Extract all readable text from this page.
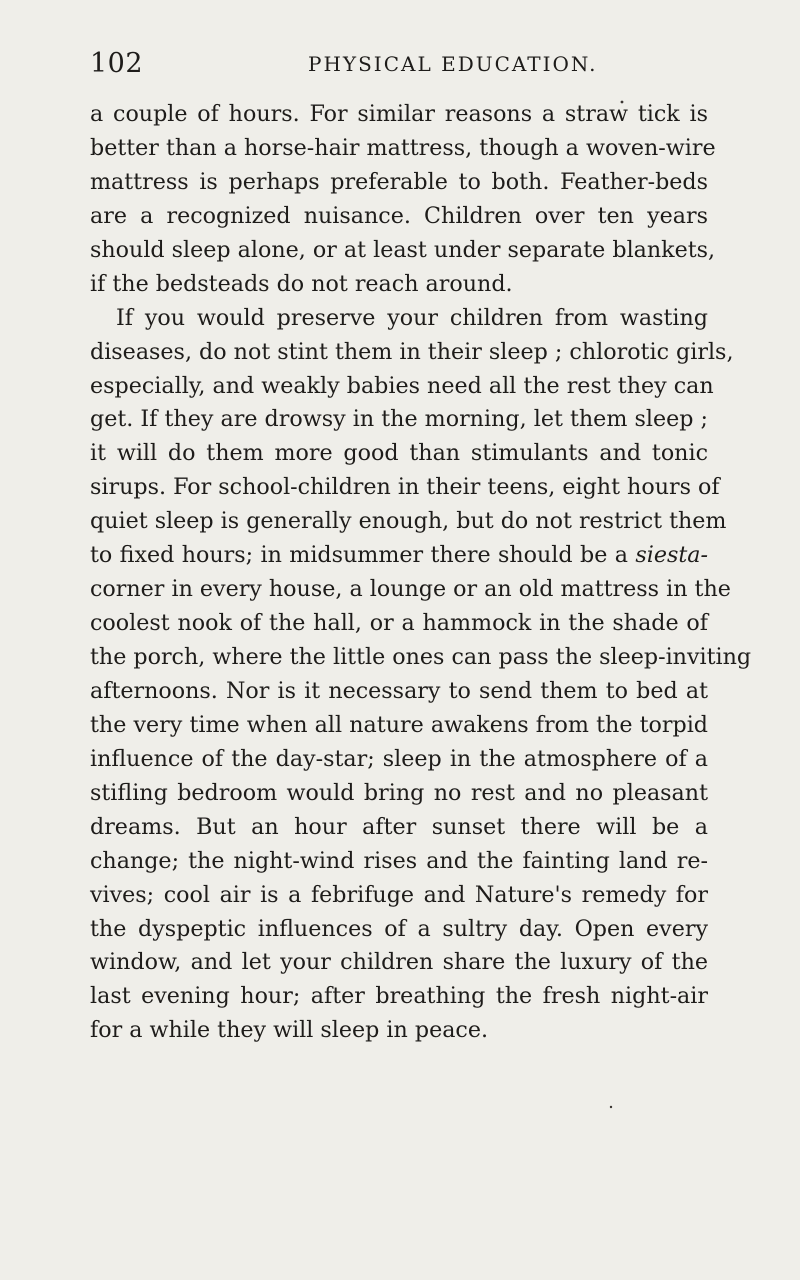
102	PHYSICAL EDUCATION.
a couple of hours. For similar reasons a straw tick is
better than a horse-hair mattress, though a woven-wire
mattress is perhaps preferable to both. Feather-beds
are a recognized nuisance. Children over ten years
should sleep alone, or at least under separate blankets,
if the bedsteads do not reach around.
If you would preserve your children from wasting
diseases, do not stint them in their sleep ; chlorotic girls,
especially, and weakly babies need all the rest they can
get. If they are drowsy in the morning, let them sleep ;
it will do them more good than stimulants and tonic
sirups. For school-children in their teens, eight hours of
quiet sleep is generally enough, but do not restrict them
to fixed hours; in midsummer there should be a siesta-
corner in every house, a lounge or an old mattress in the
coolest nook of the hall, or a hammock in the shade of
the porch, where the little ones can pass the sleep-inviting
afternoons. Nor is it necessary to send them to bed at
the very time when all nature awakens from the torpid
influence of the day-star; sleep in the atmosphere of a
stifling bedroom would bring no rest and no pleasant
dreams. But an hour after sunset there will be a
change; the night-wind rises and the fainting land re-
vives; cool air is a febrifuge and Nature's remedy for
the dyspeptic influences of a sultry day. Open every
window, and let your children share the luxury of the
last evening hour; after breathing the fresh night-air
for a while they will sleep in peace.
